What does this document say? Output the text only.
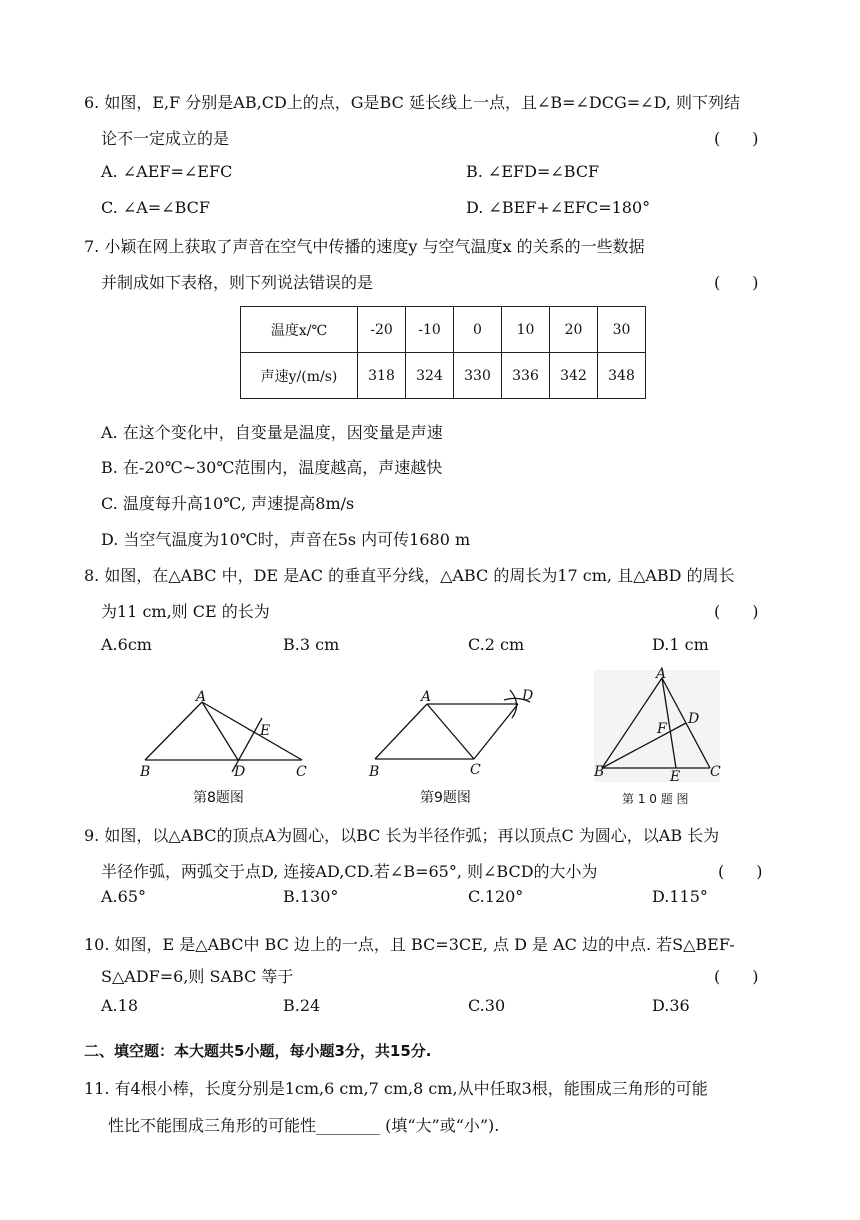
6. 如图，E,F 分别是AB,CD上的点，G是BC 延长线上一点，且∠B=∠DCG=∠D, 则下列结
论不一定成立的是	(　　)
A. ∠AEF=∠EFC	B. ∠EFD=∠BCF
C. ∠A=∠BCF	D. ∠BEF+∠EFC=180°
7. 小颖在网上获取了声音在空气中传播的速度y 与空气温度x 的关系的一些数据
并制成如下表格，则下列说法错误的是	(　　)
温度x/℃	-20	-10	0	10	20	30
声速y/(m/s)	318	324	330	336	342	348
A. 在这个变化中，自变量是温度，因变量是声速
B. 在-20℃~30℃范围内，温度越高，声速越快
C. 温度每升高10℃, 声速提高8m/s
D. 当空气温度为10℃时，声音在5s 内可传1680 m
8. 如图，在△ABC 中，DE 是AC 的垂直平分线，△ABC 的周长为17 cm, 且△ABD 的周长
为11 cm,则 CE 的长为	(　　)
A.6cm	B.3 cm	C.2 cm	D.1 cm
A
B	C
D
E
第8题图
A
B	C
D
第9题图
A
B	C
D
E
F
第 1 0 题 图
9. 如图，以△ABC的顶点A为圆心，以BC 长为半径作弧；再以顶点C 为圆心，以AB 长为
半径作弧，两弧交于点D, 连接AD,CD.若∠B=65°, 则∠BCD的大小为	(　　)
A.65°	B.130°	C.120°	D.115°
10. 如图，E 是△ABC中 BC 边上的一点，且 BC=3CE, 点 D 是 AC 边的中点. 若S△BEF-
S△ADF=6,则 SABC 等于	(　　)
A.18	B.24	C.30	D.36
二、填空题：本大题共5小题，每小题3分，共15分.
11. 有4根小棒，长度分别是1cm,6 cm,7 cm,8 cm,从中任取3根，能围成三角形的可能
性比不能围成三角形的可能性________ (填“大”或“小”).
